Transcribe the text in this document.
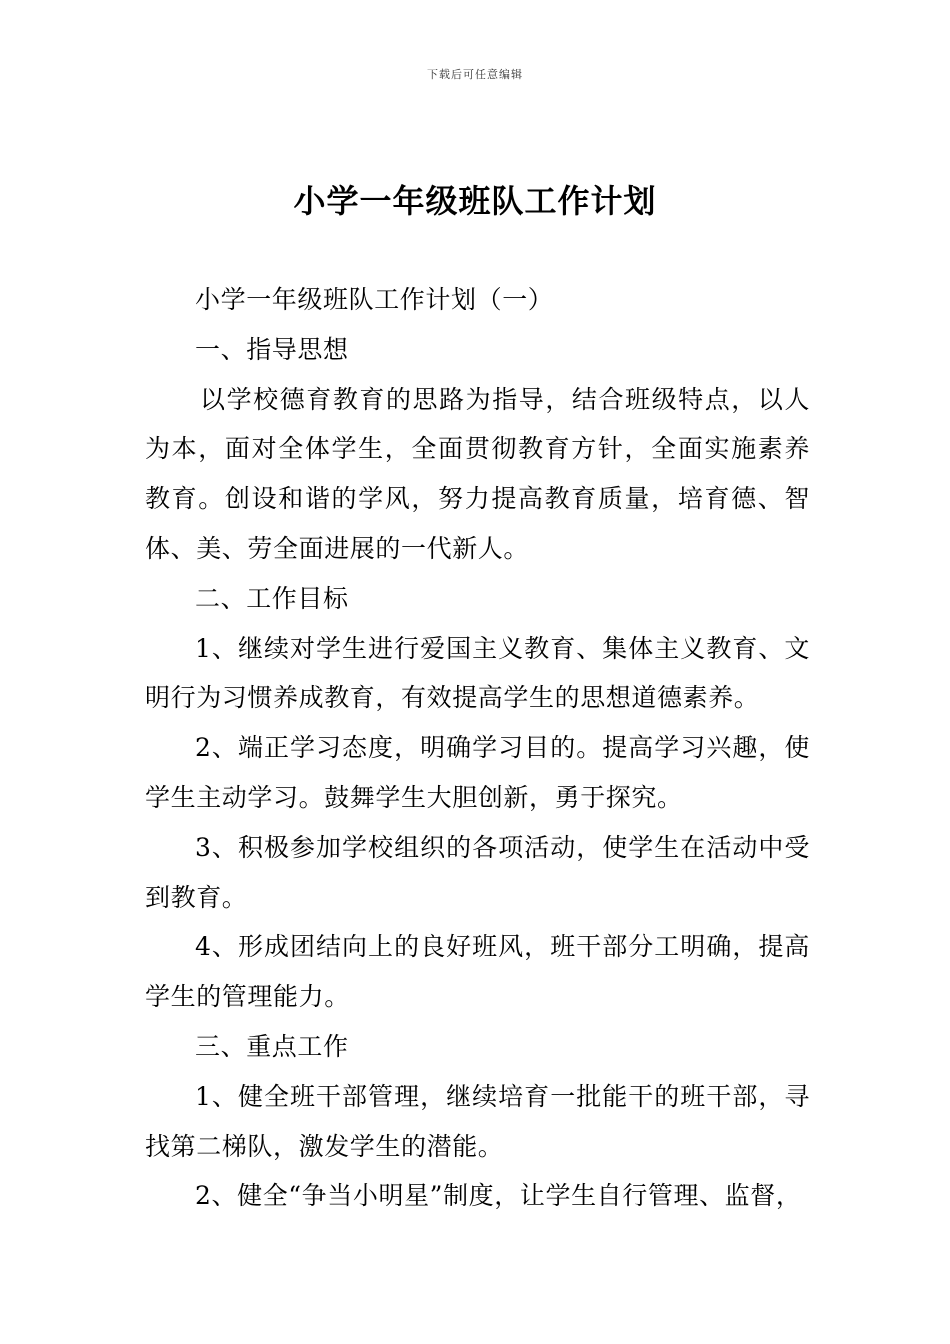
下载后可任意编辑
小学一年级班队工作计划

小学一年级班队工作计划（一）

一、指导思想

以学校德育教育的思路为指导，结合班级特点，以人为本，面对全体学生，全面贯彻教育方针，全面实施素养教育。创设和谐的学风，努力提高教育质量，培育德、智体、美、劳全面进展的一代新人。

二、工作目标

1、继续对学生进行爱国主义教育、集体主义教育、文明行为习惯养成教育，有效提高学生的思想道德素养。

2、端正学习态度，明确学习目的。提高学习兴趣，使学生主动学习。鼓舞学生大胆创新，勇于探究。

3、积极参加学校组织的各项活动，使学生在活动中受到教育。

4、形成团结向上的良好班风，班干部分工明确，提高学生的管理能力。

三、重点工作

1、健全班干部管理，继续培育一批能干的班干部，寻找第二梯队，激发学生的潜能。

2、健全“争当小明星”制度，让学生自行管理、监督，
